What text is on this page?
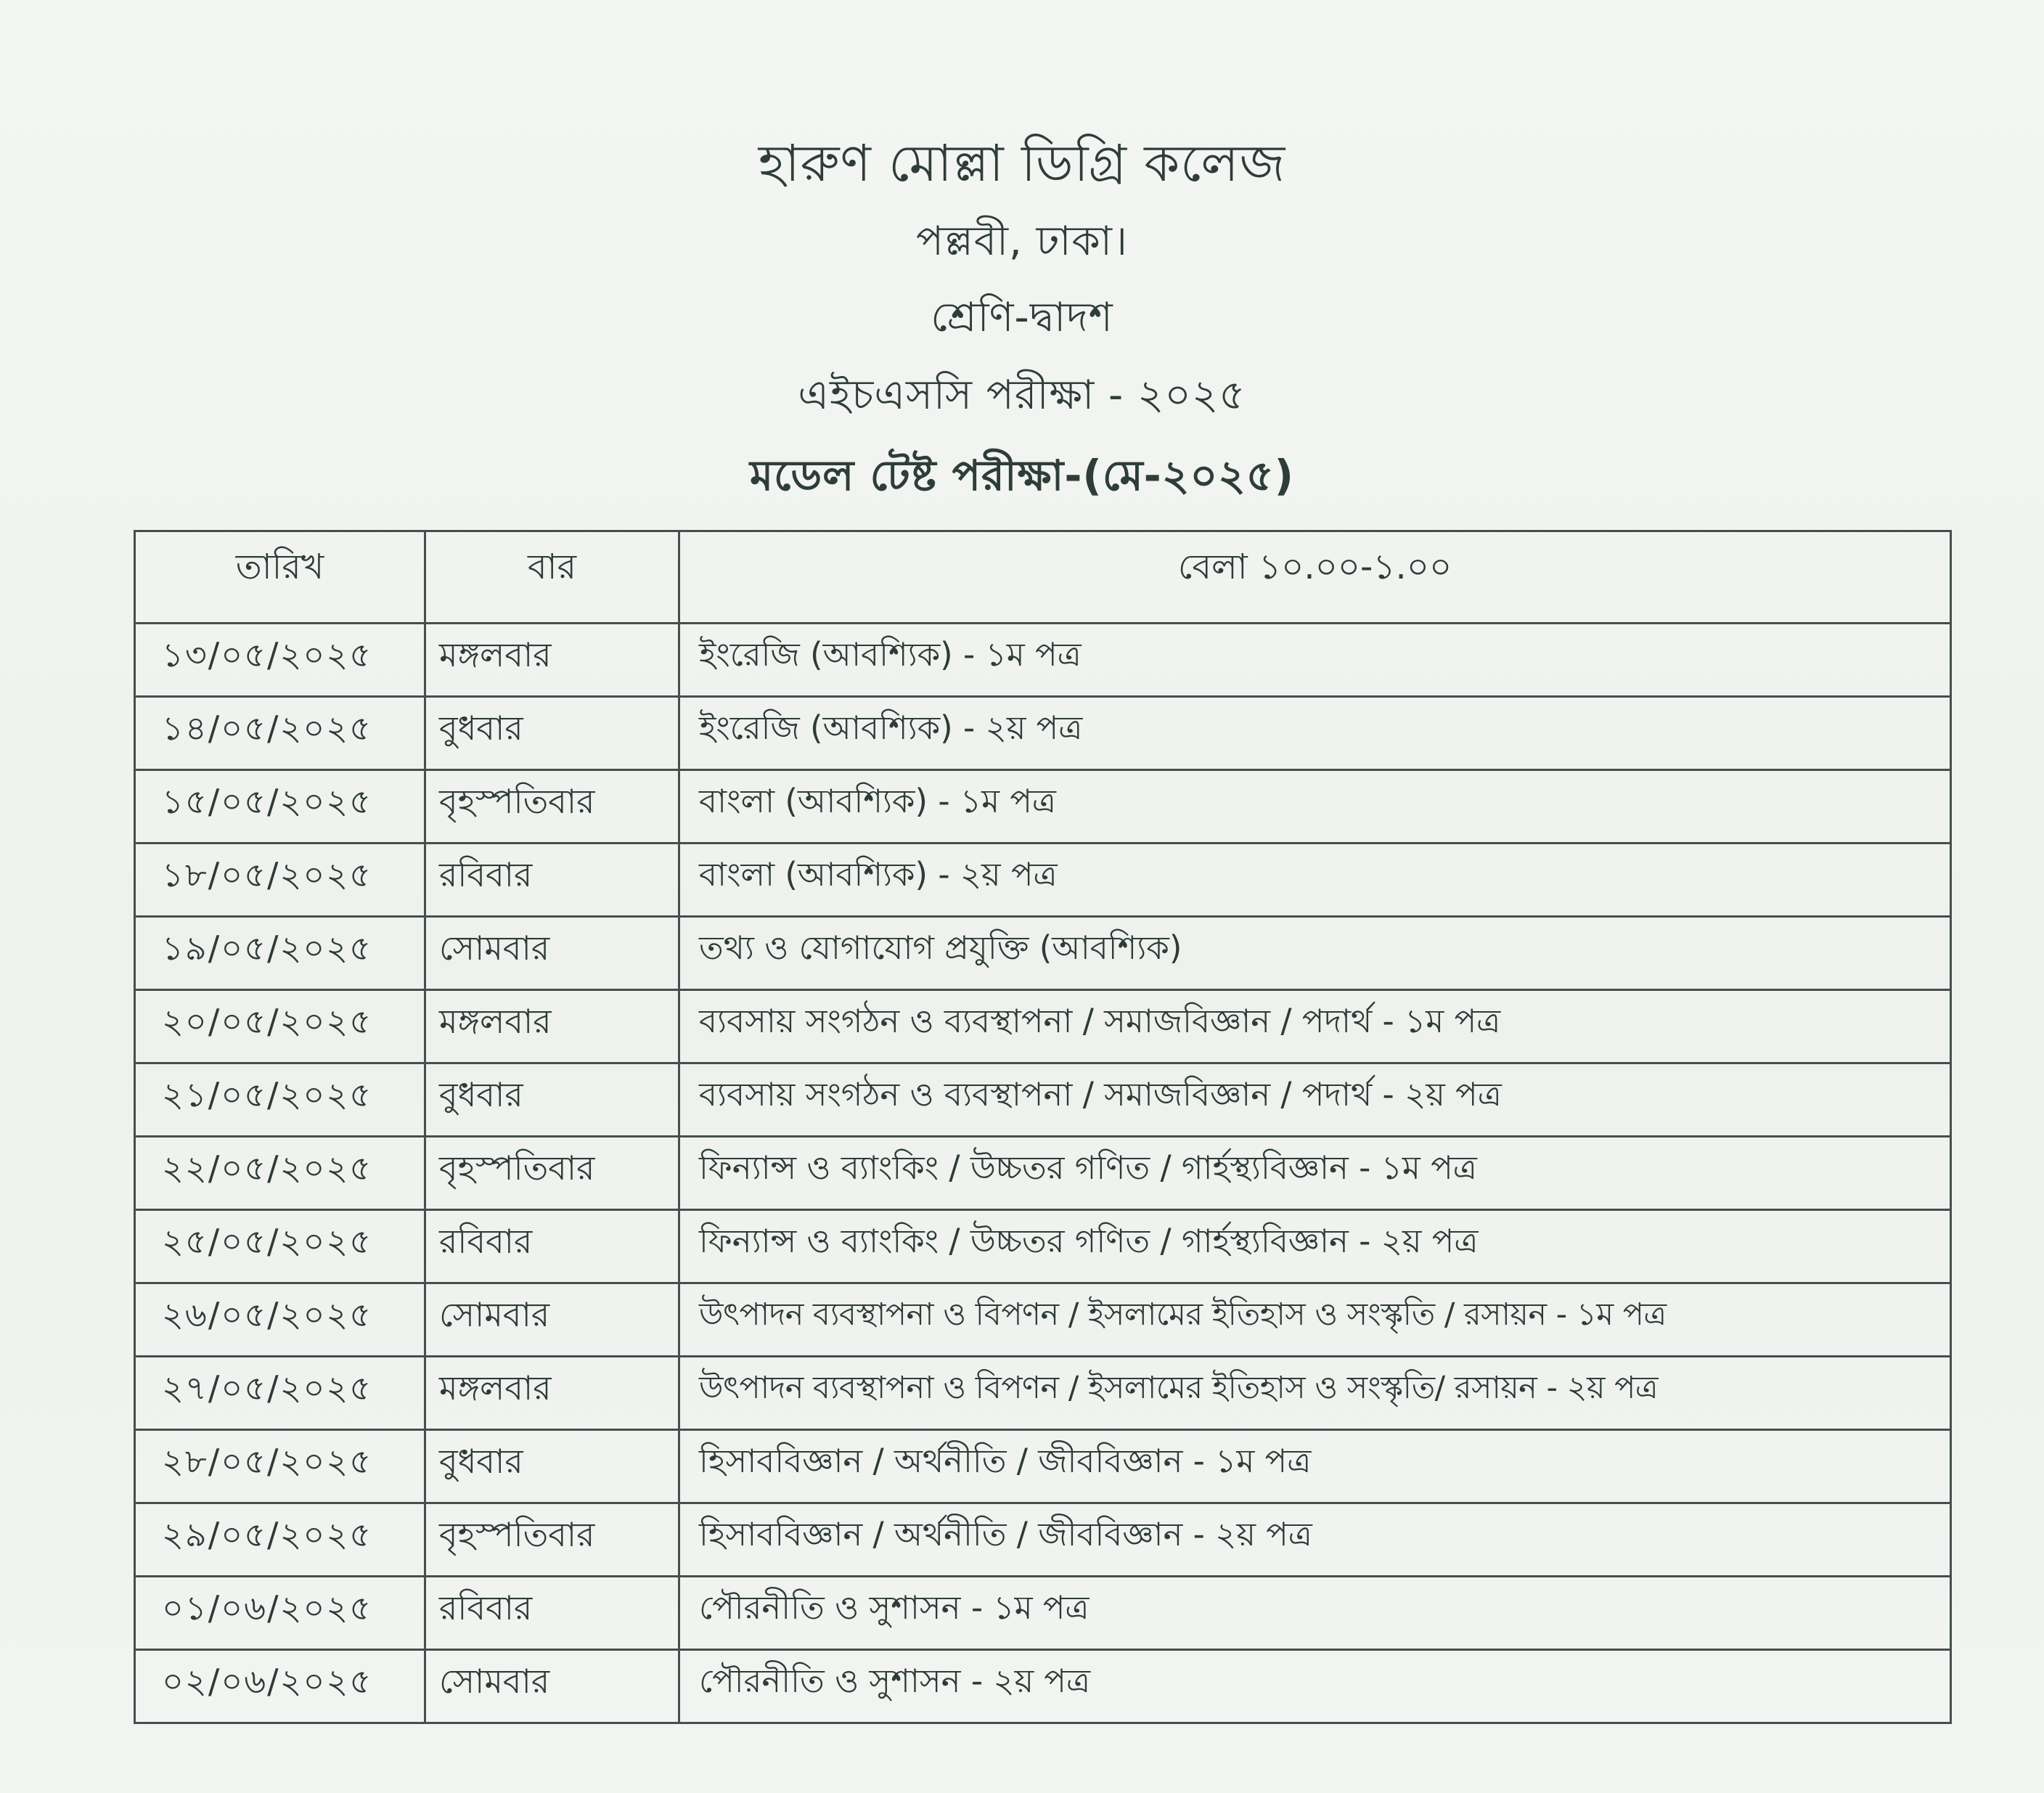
হারুণ মোল্লা ডিগ্রি কলেজ

পল্লবী, ঢাকা।

শ্রেণি-দ্বাদশ

এইচএসসি পরীক্ষা - ২০২৫

মডেল টেষ্ট পরীক্ষা-(মে-২০২৫)

তারিখ	বার	বেলা ১০.০০-১.০০
১৩/০৫/২০২৫	মঙ্গলবার	ইংরেজি (আবশ্যিক) - ১ম পত্র
১৪/০৫/২০২৫	বুধবার	ইংরেজি (আবশ্যিক) - ২য় পত্র
১৫/০৫/২০২৫	বৃহস্পতিবার	বাংলা (আবশ্যিক) - ১ম পত্র
১৮/০৫/২০২৫	রবিবার	বাংলা (আবশ্যিক) - ২য় পত্র
১৯/০৫/২০২৫	সোমবার	তথ্য ও যোগাযোগ প্রযুক্তি (আবশ্যিক)
২০/০৫/২০২৫	মঙ্গলবার	ব্যবসায় সংগঠন ও ব্যবস্থাপনা / সমাজবিজ্ঞান / পদার্থ - ১ম পত্র
২১/০৫/২০২৫	বুধবার	ব্যবসায় সংগঠন ও ব্যবস্থাপনা / সমাজবিজ্ঞান / পদার্থ - ২য় পত্র
২২/০৫/২০২৫	বৃহস্পতিবার	ফিন্যান্স ও ব্যাংকিং / উচ্চতর গণিত / গার্হস্থ্যবিজ্ঞান - ১ম পত্র
২৫/০৫/২০২৫	রবিবার	ফিন্যান্স ও ব্যাংকিং / উচ্চতর গণিত / গার্হস্থ্যবিজ্ঞান - ২য় পত্র
২৬/০৫/২০২৫	সোমবার	উৎপাদন ব্যবস্থাপনা ও বিপণন / ইসলামের ইতিহাস ও সংস্কৃতি / রসায়ন - ১ম পত্র
২৭/০৫/২০২৫	মঙ্গলবার	উৎপাদন ব্যবস্থাপনা ও বিপণন / ইসলামের ইতিহাস ও সংস্কৃতি/ রসায়ন - ২য় পত্র
২৮/০৫/২০২৫	বুধবার	হিসাববিজ্ঞান / অর্থনীতি / জীববিজ্ঞান - ১ম পত্র
২৯/০৫/২০২৫	বৃহস্পতিবার	হিসাববিজ্ঞান / অর্থনীতি / জীববিজ্ঞান - ২য় পত্র
০১/০৬/২০২৫	রবিবার	পৌরনীতি ও সুশাসন - ১ম পত্র
০২/০৬/২০২৫	সোমবার	পৌরনীতি ও সুশাসন - ২য় পত্র
